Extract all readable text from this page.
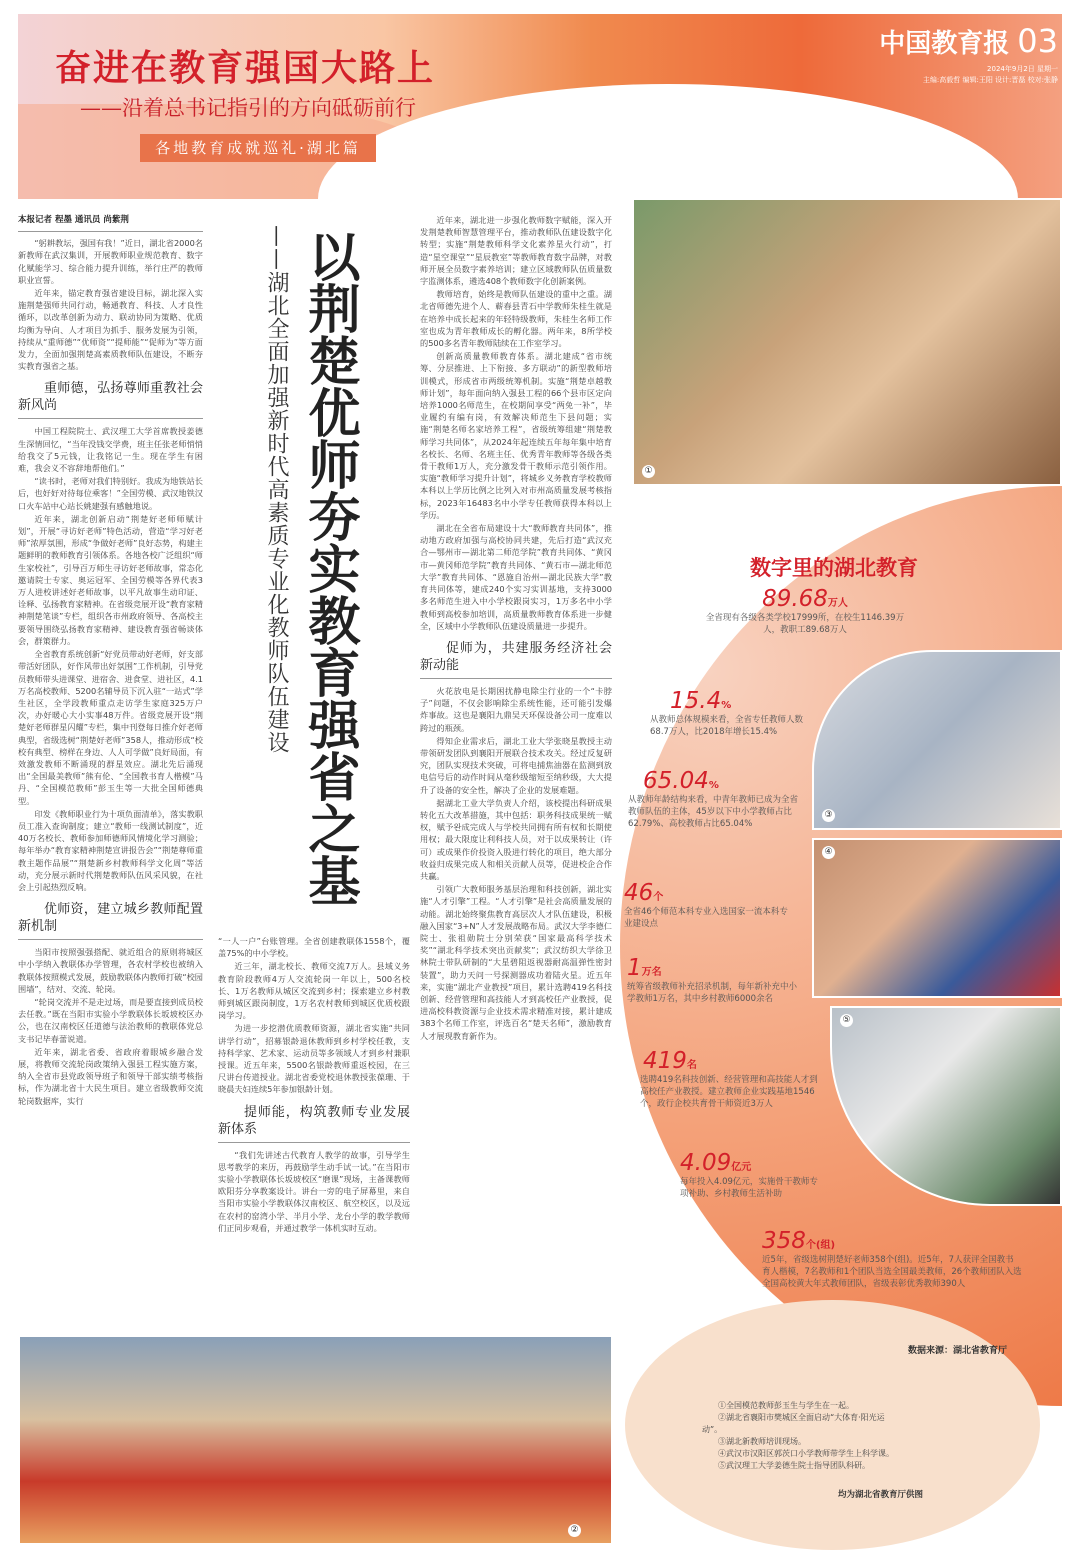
奋进在教育强国大路上
——沿着总书记指引的方向砥砺前行
各地教育成就巡礼·湖北篇
中国教育报 03
2024年9月2日 星期一
主编:高毅哲 编辑:王阳 设计:晋磊 校对:张静
本报记者 程墨 通讯员 尚紫荆

“躬耕教坛，强国有我！”近日，湖北省2000名新教师在武汉集训，开展教师职业规范教育、数字化赋能学习、综合能力提升训练，举行庄严的教师职业宣誓。

近年来，锚定教育强省建设目标，湖北深入实施荆楚强师共同行动，畅通教育、科技、人才良性循环，以改革创新为动力、联动协同为策略、优质均衡为导向、人才项目为抓手、服务发展为引领，持续从“重师德”“优师资”“提师能”“促师为”等方面发力，全面加强荆楚高素质教师队伍建设，不断夯实教育强省之基。

重师德，弘扬尊师重教社会新风尚

中国工程院院士、武汉理工大学首席教授姜德生深情回忆，“当年没钱交学费，班主任张老师悄悄给我交了5元钱，让我铭记一生。现在学生有困难，我会义不容辞地帮他们。”

“读书时，老师对我们特别好。我成为地铁站长后，也好好对待每位乘客！”全国劳模、武汉地铁汉口火车站中心站长姚建强有感触地说。

近年来，湖北创新启动“荆楚好老师师赋计划”，开展“寻访好老师”特色活动，营造“学习好老师”浓厚氛围，形成“争做好老师”良好态势，构建主题鲜明的教师教育引领体系。各地各校广泛组织“师生家校社”，引导百万师生寻访好老师故事，常态化邀请院士专家、奥运冠军、全国劳模等各界代表3万人进校讲述好老师故事，以平凡故事生动印证、诠释、弘扬教育家精神。在省级竞展开设“教育家精神荆楚笔谈”专栏，组织各市州政府领导、各高校主要领导围绕弘扬教育家精神、建设教育强省畅谈体会，群策群力。

全省教育系统创新“好党员带动好老师，好支部带活好团队，好作风带出好氛围”工作机制，引导党员教师带头进课堂、进宿舍、进食堂、进社区，4.1万名高校教师、5200名辅导员下沉入驻“一站式”学生社区，全学段教师重点走访学生家庭325万户次，办好暖心大小实事48万件。省级竞展开设“荆楚好老师群星闪耀”专栏，集中刊登每日推介好老师典型，省级选树“荆楚好老师”358人，推动形成“校校有典型、榜样在身边、人人可学做”良好局面，有效激发教师不断涌现的群星效应。湖北先后涌现出“全国最美教师”熊有伦、“全国教书育人楷模”马丹、“全国模范教师”彭玉生等一大批全国师德典型。

印发《教师职业行为十项负面清单》，落实教职员工准入查询制度；建立“教师一线测试制度”，近40万名校长、教师参加师德师风情境化学习测验；每年举办“教育家精神荆楚宣讲报告会”“荆楚尊师重教主题作品展”“荆楚新乡村教师科学文化周”等活动，充分展示新时代荆楚教师队伍风采风貌，在社会上引起热烈反响。

优师资，建立城乡教师配置新机制

当阳市按照强强搭配、就近组合的原则将城区中小学纳入教联体办学管理，各农村学校也被纳入教联体按照模式发展，鼓励教联体内教师打破“校园围墙”，结对、交流、轮岗。

“轮岗交流并不是走过场，而是要直接到成员校去任教。”既在当阳市实验小学教联体长坂坡校区办公，也在汉南校区任道德与法治教师的教联体党总支书记毕春蕾说道。

近年来，湖北省委、省政府着眼城乡融合发展，将教师交流轮岗政策纳入强县工程实施方案，纳入全省市县党政领导班子和领导干部实绩考核指标，作为湖北省十大民生项目。建立省级教师交流轮岗数据库，实行

——湖北全面加强新时代高素质专业化教师队伍建设 以荆楚优师夯实教育强省之基

“一人一户”台账管理。全省创建教联体1558个，覆盖75%的中小学校。

近三年，湖北校长、教师交流7万人。县域义务教育阶段教师4万人交流轮岗一年以上，500名校长、1万名教师从城区交流到乡村；探索建立乡村教师到城区跟岗制度，1万名农村教师到城区优质校跟岗学习。

为进一步挖潜优质教师资源，湖北省实施“共同讲学行动”，招募银龄退休教师到乡村学校任教，支持科学家、艺术家、运动员等多领域人才到乡村兼职授课。近五年来，5500名银龄教师重返校园，在三尺讲台传道授业。湖北省委党校退休教授张葆珊、于晓晨夫妇连续5年参加银龄计划。

提师能，构筑教师专业发展新体系

“我们先讲述古代教育人教学的故事，引导学生思考教学的来历，再鼓励学生动手试一试。”在当阳市实验小学教联体长坂坡校区“磨课”现场，主备课教师欧阳芬分享教案设计。讲台一旁的电子屏幕里，来自当阳市实验小学教联体汉南校区、航空校区，以及远在农村的窑湾小学、半月小学、龙台小学的教学教师们正同步观看，并通过教学一体机实时互动。

近年来，湖北进一步强化教师数字赋能，深入开发荆楚教师智慧管理平台，推动教师队伍建设数字化转型；实施“荆楚教师科学文化素养星火行动”，打造“星空课堂”“星辰教室”等教师教育数字品牌，对教师开展全员数字素养培训；建立区域教师队伍质量数字监测体系，遴选408个教师数字化创新案例。

教师培育，始终是教师队伍建设的重中之重。湖北省师德先进个人、蕲春县青石中学教师朱桂生就是在培养中成长起来的年轻特级教师，朱桂生名师工作室也成为青年教师成长的孵化器。两年来，8所学校的500多名青年教师陆续在工作室学习。

创新高质量教师教育体系。湖北建成“省市统筹、分层推进、上下衔接、多方联动”的新型教师培训模式，形成省市两级统筹机制。实施“荆楚卓越教师计划”，每年面向纳入强县工程的66个县市区定向培养1000名师范生，在校期间享受“两免一补”，毕业履约有编有岗，有效解决师范生下县问题；实施“荆楚名师名家培养工程”，省级统筹组建“荆楚教师学习共同体”，从2024年起连续五年每年集中培育名校长、名师、名班主任、优秀青年教师等各级各类骨干教师1万人，充分激发骨干教师示范引领作用。实施“教师学习提升计划”，将城乡义务教育学校教师本科以上学历比例之比列入对市州高质量发展考核指标，2023年16483名中小学专任教师获得本科以上学历。

湖北在全省布局建设十大“教师教育共同体”，推动地方政府加强与高校协同共建，先后打造“武汉充合—鄂州市—湖北第二师范学院”教育共同体、“黄冈市—黄冈师范学院”教育共同体、“黄石市—湖北师范大学”教育共同体、“恩施自治州—湖北民族大学”教育共同体等，建成240个实习实训基地，支持3000多名师范生进入中小学校跟岗实习，1万多名中小学教师到高校参加培训，高质量教师教育体系进一步健全，区域中小学教师队伍建设质量进一步提升。

促师为，共建服务经济社会新动能

火花放电是长期困扰静电除尘行业的一个“卡脖子”问题，不仅会影响除尘系统性能，还可能引发爆炸事故。这也是襄阳九鼎吴天环保设备公司一度难以跨过的瓶颈。

得知企业需求后，湖北工业大学张晓星教授主动带领研发团队到襄阳开展联合技术攻关。经过反复研究，团队实现技术突破，可将电捕焦油器在监测到放电信号后的动作时间从毫秒级缩短至纳秒级，大大提升了设备的安全性，解决了企业的发展难题。

据湖北工业大学负责人介绍，该校提出科研成果转化五大改革措施，其中包括：职务科技成果统一赋权，赋予완成完成人与学校共同拥有所有权和长期使用权；最大限度让利科技人员，对于以成果转让（许可）或成果作价投资入股进行转化的项目，绝大部分收益归成果完成人和相关贡献人员等，促进校企合作共赢。

引领广大教师服务基层治理和科技创新，湖北实施“人才引擎”工程。“人才引擎”是社会高质量发展的动能。湖北始终聚焦教育高层次人才队伍建设，积极融入国家“3+N”人才发展战略布局。武汉大学李德仁院士、张祖勋院士分别荣获“国家最高科学技术奖”“湖北科学技术突出贡献奖”；武汉纺织大学徐卫林院士带队研制的“大星碧阻返视器耐高温弹性密封装置”，助力天问一号探测器成功着陆火星。近五年来，实施“湖北产业教授”项目，累计选聘419名科技创新、经营管理和高技能人才到高校任产业教授，促进高校科教资源与企业技术需求精准对接，累计建成383个名师工作室，评选百名“楚天名师”，激励教育人才展现教育新作为。

①
数字里的湖北教育
③
④
⑤
89.68万人
全省现有各级各类学校17999所，在校生1146.39万人，教职工89.68万人
15.4%
从教师总体规模来看，全省专任教师人数68.7万人，比2018年增长15.4%
65.04%
从教师年龄结构来看，中青年教师已成为全省教师队伍的主体，45岁以下中小学教师占比62.79%、高校教师占比65.04%
46个
全省46个师范本科专业入选国家一流本科专业建设点
1万名
统筹省级教师补充招录机制，每年新补充中小学教师1万名，其中乡村教师6000余名
419名
选聘419名科技创新、经营管理和高技能人才到高校任产业教授。建立教师企业实践基地1546个，政行企校共育骨干师资近3万人
4.09亿元
每年投入4.09亿元，实施骨干教师专项补助、乡村教师生活补助
358个(组)
近5年，省级选树荆楚好老师358个(组)。近5年，7人获评全国教书育人楷模，7名教师和1个团队当选全国最美教师，26个教师团队入选全国高校黄大年式教师团队，省级表彰优秀教师390人
数据来源：湖北省教育厅
②
①全国模范教师彭玉生与学生在一起。
②湖北省襄阳市樊城区全面启动“大体育·阳光运动”。
③湖北新教师培训现场。
④武汉市汉阳区郭茨口小学教师带学生上科学课。
⑤武汉理工大学姜德生院士指导团队科研。
均为湖北省教育厅供图
